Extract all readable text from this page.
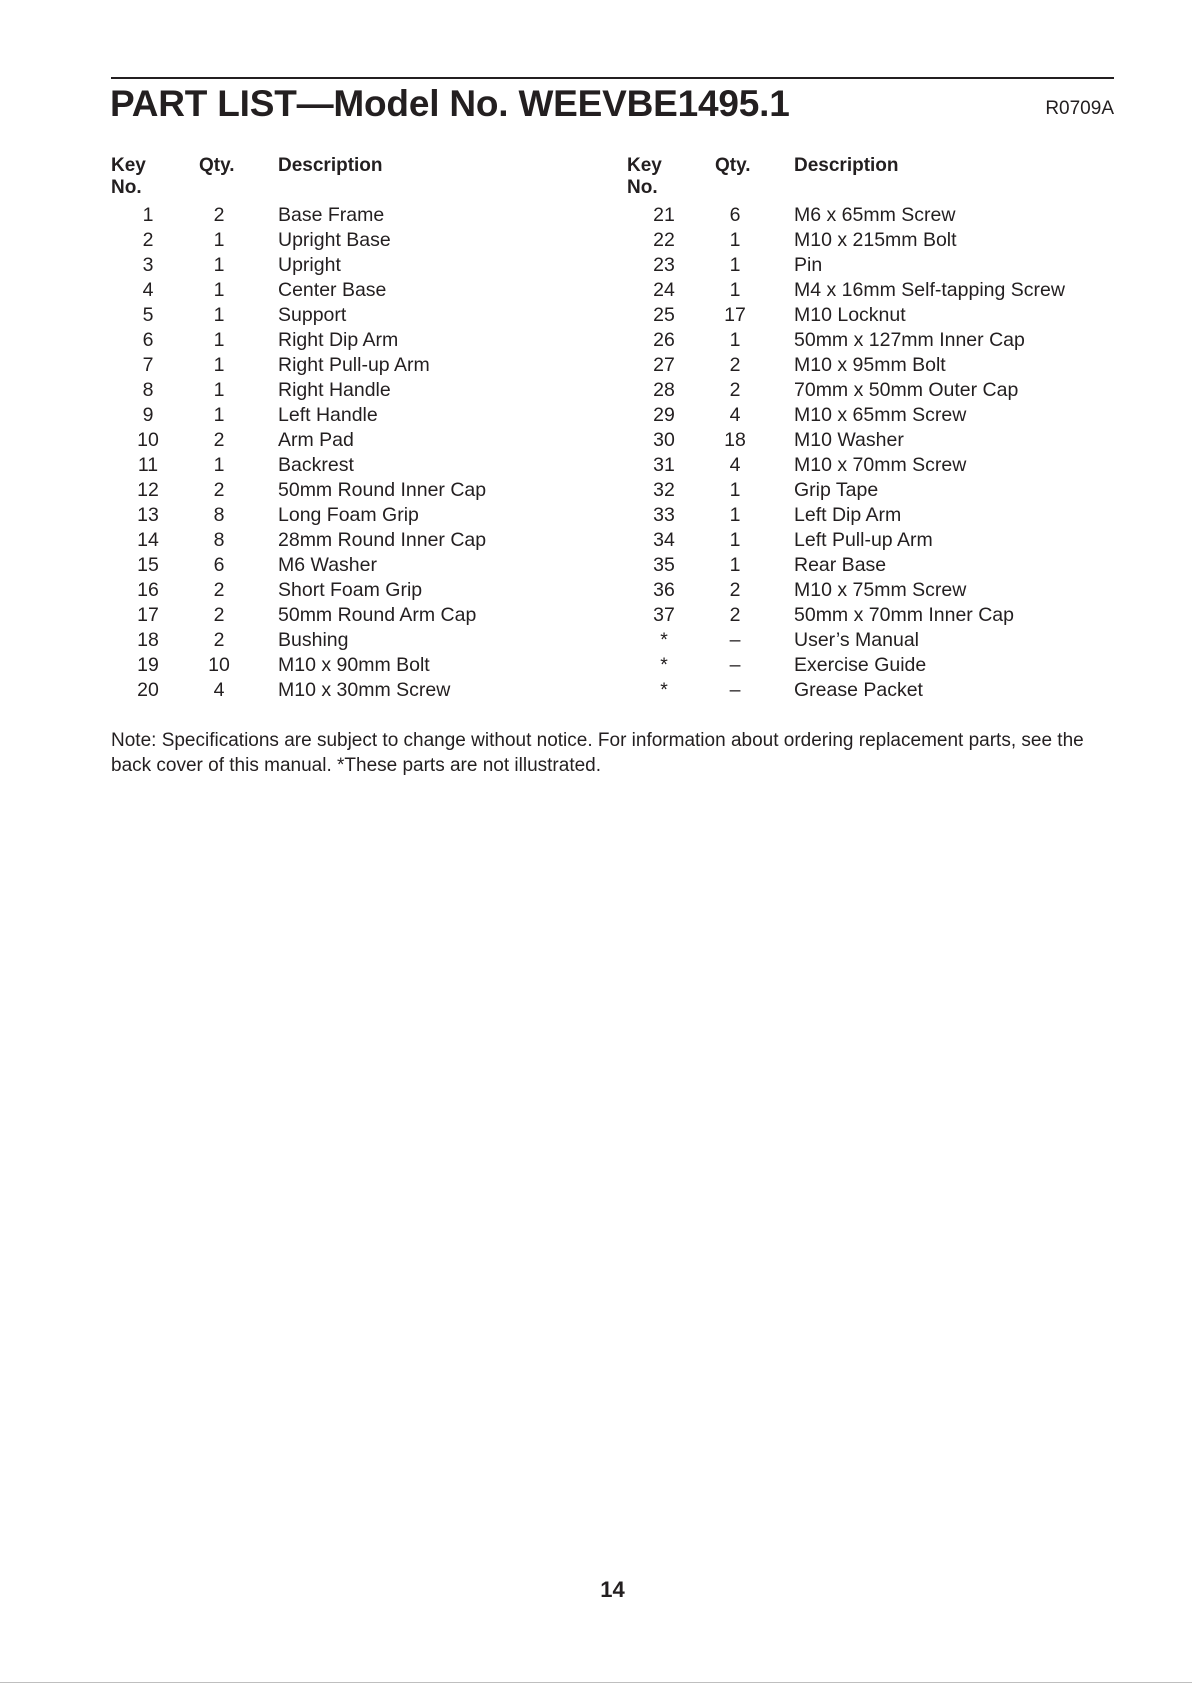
PART LIST—Model No. WEEVBE1495.1	R0709A
Key No.
Qty. Description
1	2	Base Frame
2	1	Upright Base
3	1	Upright
4	1	Center Base
5	1	Support
6	1	Right Dip Arm
7	1	Right Pull-up Arm
8	1	Right Handle
9	1	Left Handle
10	2	Arm Pad
11	1	Backrest
12	2	50mm Round Inner Cap
13	8	Long Foam Grip
14	8	28mm Round Inner Cap
15	6	M6 Washer
16	2	Short Foam Grip
17	2	50mm Round Arm Cap
18	2	Bushing
19	10	M10 x 90mm Bolt
20	4	M10 x 30mm Screw
Key No.
Qty. Description
21	6	M6 x 65mm Screw
22	1	M10 x 215mm Bolt
23	1	Pin
24	1	M4 x 16mm Self-tapping Screw
25	17	M10 Locknut
26	1	50mm x 127mm Inner Cap
27	2	M10 x 95mm Bolt
28	2	70mm x 50mm Outer Cap
29	4	M10 x 65mm Screw
30	18	M10 Washer
31	4	M10 x 70mm Screw
32	1	Grip Tape
33	1	Left Dip Arm
34	1	Left Pull-up Arm
35	1	Rear Base
36	2	M10 x 75mm Screw
37	2	50mm x 70mm Inner Cap
*	–	User’s Manual
*	–	Exercise Guide
*	–	Grease Packet
Note: Specifications are subject to change without notice. For information about ordering replacement parts, see the back cover of this manual. *These parts are not illustrated.
14
